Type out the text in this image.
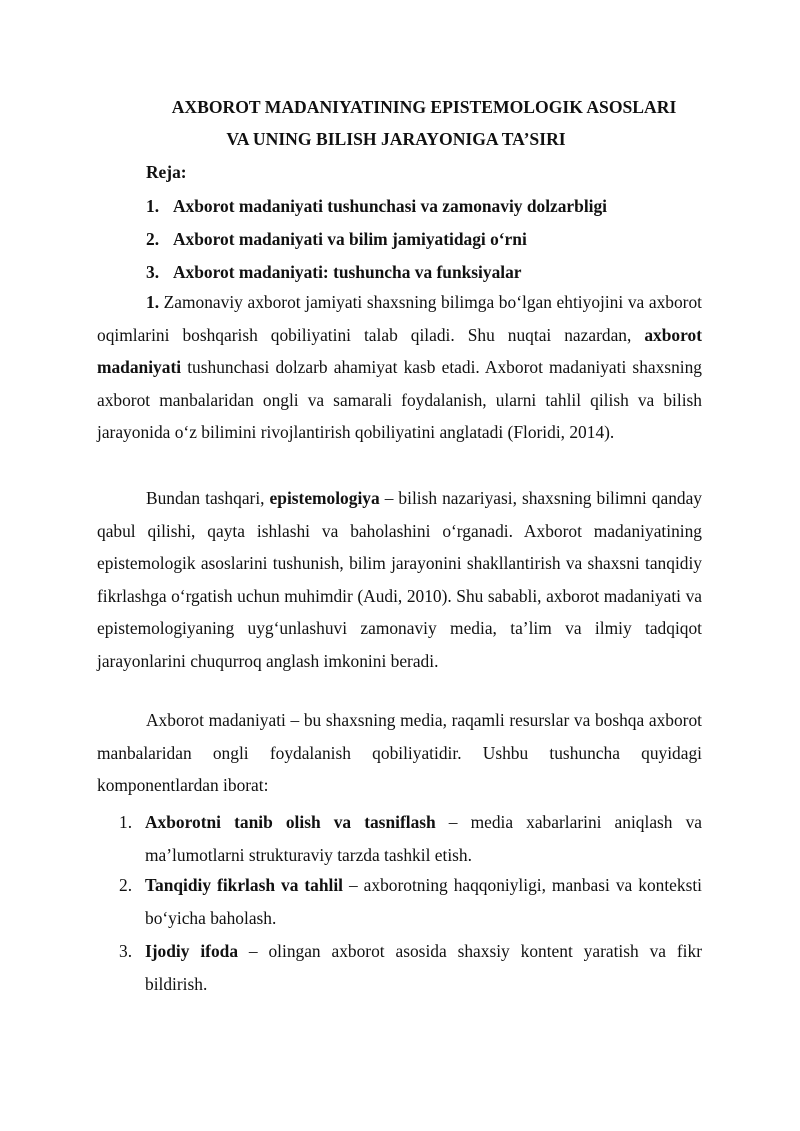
AXBOROT MADANIYATINING EPISTEMOLOGIK ASOSLARI
VA UNING BILISH JARAYONIGA TA’SIRI
Reja:
1. Axborot madaniyati tushunchasi va zamonaviy dolzarbligi
2. Axborot madaniyati va bilim jamiyatidagi o‘rni
3. Axborot madaniyati: tushuncha va funksiyalar

1. Zamonaviy axborot jamiyati shaxsning bilimga bo‘lgan ehtiyojini va axborot oqimlarini boshqarish qobiliyatini talab qiladi. Shu nuqtai nazardan, axborot madaniyati tushunchasi dolzarb ahamiyat kasb etadi. Axborot madaniyati shaxsning axborot manbalaridan ongli va samarali foydalanish, ularni tahlil qilish va bilish jarayonida o‘z bilimini rivojlantirish qobiliyatini anglatadi (Floridi, 2014).

Bundan tashqari, epistemologiya – bilish nazariyasi, shaxsning bilimni qanday qabul qilishi, qayta ishlashi va baholashini o‘rganadi. Axborot madaniyatining epistemologik asoslarini tushunish, bilim jarayonini shakllantirish va shaxsni tanqidiy fikrlashga o‘rgatish uchun muhimdir (Audi, 2010). Shu sababli, axborot madaniyati va epistemologiyaning uyg‘unlashuvi zamonaviy media, ta’lim va ilmiy tadqiqot jarayonlarini chuqurroq anglash imkonini beradi.

Axborot madaniyati – bu shaxsning media, raqamli resurslar va boshqa axborot manbalaridan ongli foydalanish qobiliyatidir. Ushbu tushuncha quyidagi komponentlardan iborat:

1. Axborotni tanib olish va tasniflash – media xabarlarini aniqlash va ma’lumotlarni strukturaviy tarzda tashkil etish.
2. Tanqidiy fikrlash va tahlil – axborotning haqqoniyligi, manbasi va konteksti bo‘yicha baholash.
3. Ijodiy ifoda – olingan axborot asosida shaxsiy kontent yaratish va fikr bildirish.
